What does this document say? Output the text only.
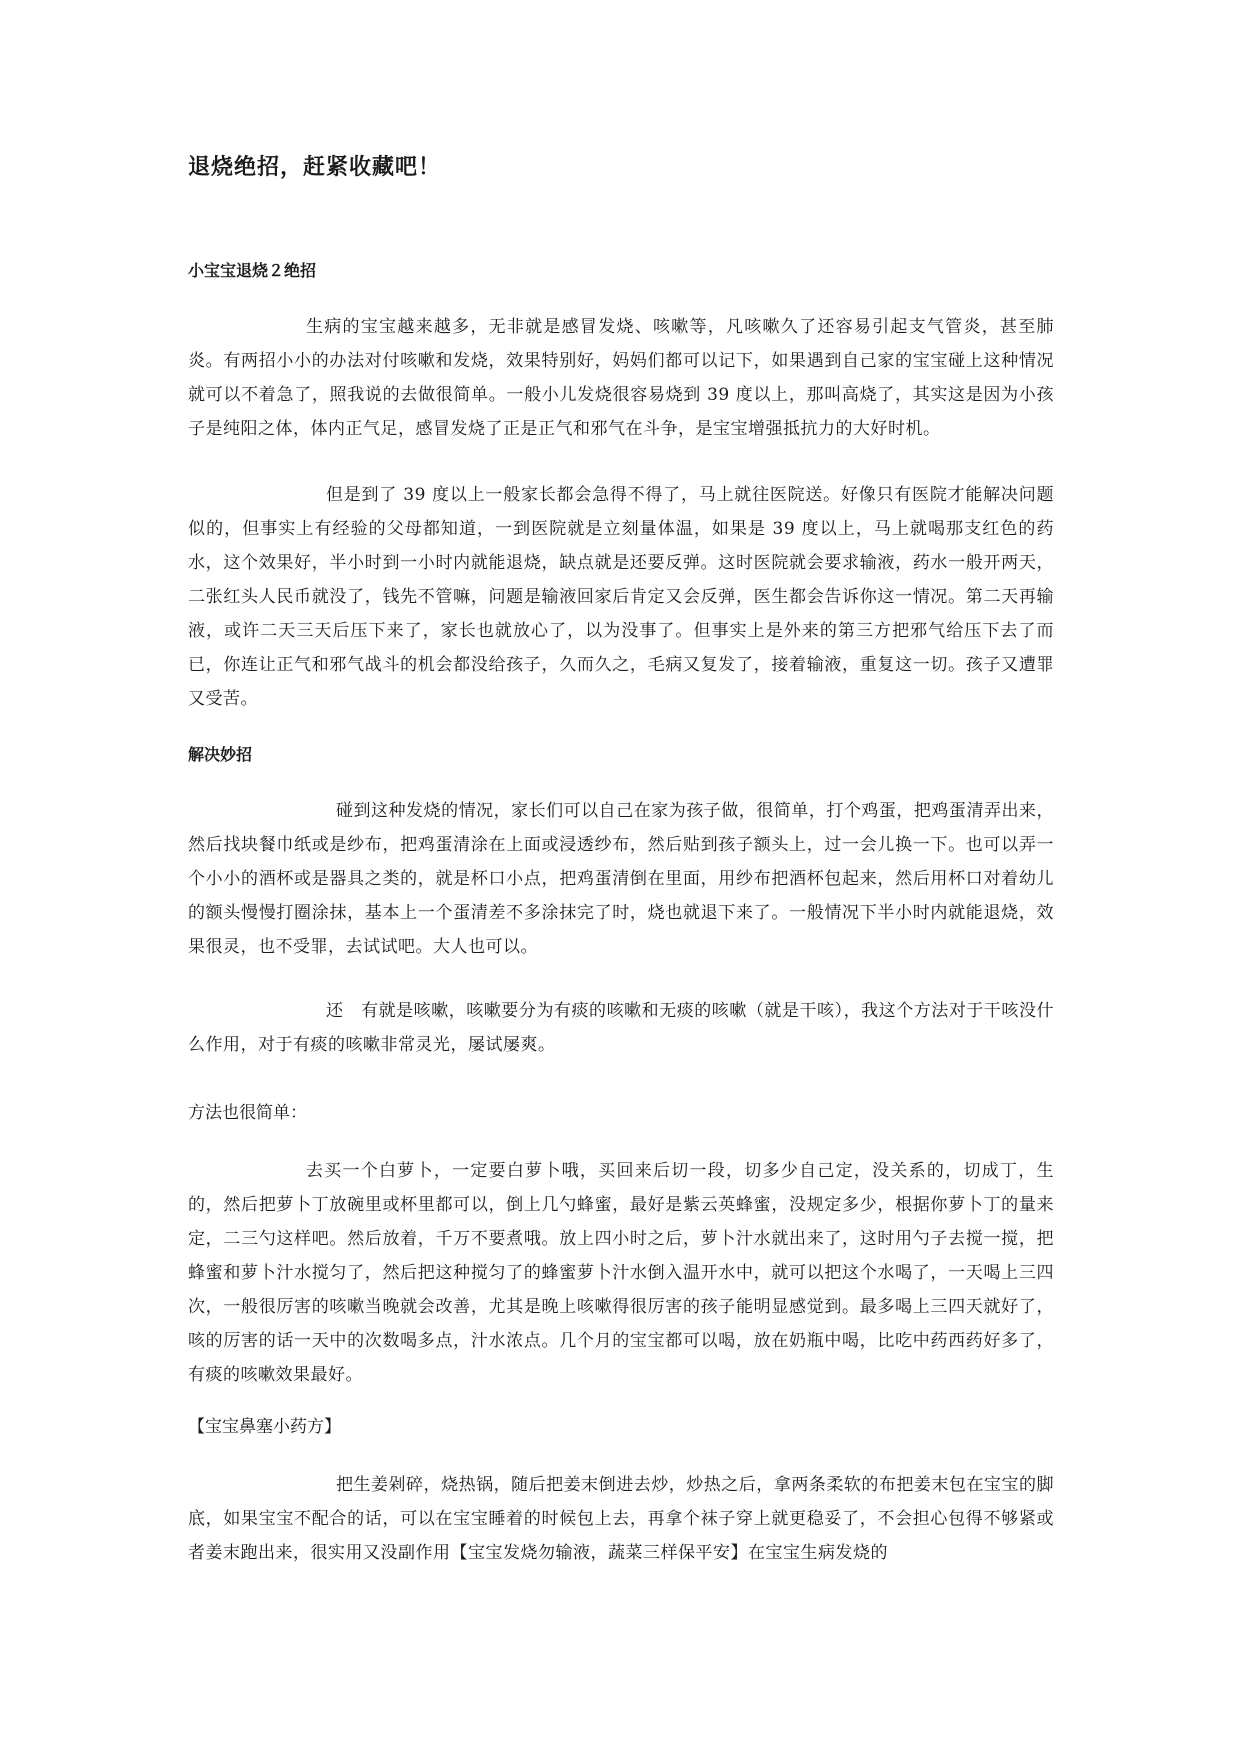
退烧绝招，赶紧收藏吧！
小宝宝退烧２绝招

生病的宝宝越来越多，无非就是感冒发烧、咳嗽等，凡咳嗽久了还容易引起支气管炎，甚至肺炎。有两招小小的办法对付咳嗽和发烧，效果特别好，妈妈们都可以记下，如果遇到自己家的宝宝碰上这种情况就可以不着急了，照我说的去做很简单。一般小儿发烧很容易烧到 39 度以上，那叫高烧了，其实这是因为小孩子是纯阳之体，体内正气足，感冒发烧了正是正气和邪气在斗争，是宝宝增强抵抗力的大好时机。

但是到了 39 度以上一般家长都会急得不得了，马上就往医院送。好像只有医院才能解决问题似的，但事实上有经验的父母都知道，一到医院就是立刻量体温，如果是 39 度以上，马上就喝那支红色的药水，这个效果好，半小时到一小时内就能退烧，缺点就是还要反弹。这时医院就会要求输液，药水一般开两天，二张红头人民币就没了，钱先不管嘛，问题是输液回家后肯定又会反弹，医生都会告诉你这一情况。第二天再输液，或许二天三天后压下来了，家长也就放心了，以为没事了。但事实上是外来的第三方把邪气给压下去了而已，你连让正气和邪气战斗的机会都没给孩子，久而久之，毛病又复发了，接着输液，重复这一切。孩子又遭罪又受苦。

解决妙招

碰到这种发烧的情况，家长们可以自己在家为孩子做，很简单，打个鸡蛋，把鸡蛋清弄出来，然后找块餐巾纸或是纱布，把鸡蛋清涂在上面或浸透纱布，然后贴到孩子额头上，过一会儿换一下。也可以弄一个小小的酒杯或是器具之类的，就是杯口小点，把鸡蛋清倒在里面，用纱布把酒杯包起来，然后用杯口对着幼儿的额头慢慢打圈涂抹，基本上一个蛋清差不多涂抹完了时，烧也就退下来了。一般情况下半小时内就能退烧，效果很灵，也不受罪，去试试吧。大人也可以。

还　有就是咳嗽，咳嗽要分为有痰的咳嗽和无痰的咳嗽（就是干咳），我这个方法对于干咳没什么作用，对于有痰的咳嗽非常灵光，屡试屡爽。

方法也很简单：

去买一个白萝卜，一定要白萝卜哦，买回来后切一段，切多少自己定，没关系的，切成丁，生的，然后把萝卜丁放碗里或杯里都可以，倒上几勺蜂蜜，最好是紫云英蜂蜜，没规定多少，根据你萝卜丁的量来定，二三勺这样吧。然后放着，千万不要煮哦。放上四小时之后，萝卜汁水就出来了，这时用勺子去搅一搅，把蜂蜜和萝卜汁水搅匀了，然后把这种搅匀了的蜂蜜萝卜汁水倒入温开水中，就可以把这个水喝了，一天喝上三四次，一般很厉害的咳嗽当晚就会改善，尤其是晚上咳嗽得很厉害的孩子能明显感觉到。最多喝上三四天就好了，咳的厉害的话一天中的次数喝多点，汁水浓点。几个月的宝宝都可以喝，放在奶瓶中喝，比吃中药西药好多了，有痰的咳嗽效果最好。

【宝宝鼻塞小药方】

把生姜剁碎，烧热锅，随后把姜末倒进去炒，炒热之后，拿两条柔软的布把姜末包在宝宝的脚底，如果宝宝不配合的话，可以在宝宝睡着的时候包上去，再拿个袜子穿上就更稳妥了，不会担心包得不够紧或者姜末跑出来，很实用又没副作用【宝宝发烧勿输液，蔬菜三样保平安】在宝宝生病发烧的
